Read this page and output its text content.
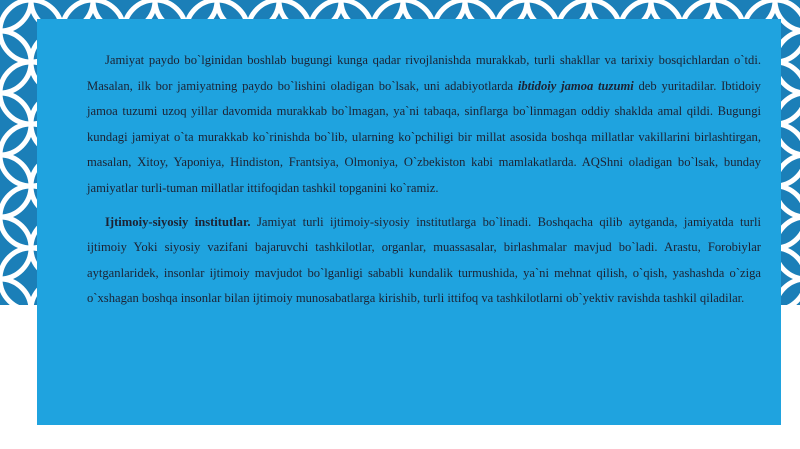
Jamiyat paydo bo`lginidan boshlab bugungi kunga qadar rivojlanishda murakkab, turli shakllar va tarixiy bosqichlardan o`tdi. Masalan, ilk bor jamiyatning paydo bo`lishini oladigan bo`lsak, uni adabiyotlarda ibtidoiy jamoa tuzumi deb yuritadilar. Ibtidoiy jamoa tuzumi uzoq yillar davomida murakkab bo`lmagan, ya`ni tabaqa, sinflarga bo`linmagan oddiy shaklda amal qildi. Bugungi kundagi jamiyat o`ta murakkab ko`rinishda bo`lib, ularning ko`pchiligi bir millat asosida boshqa millatlar vakillarini birlashtirgan, masalan, Xitoy, Yaponiya, Hindiston, Frantsiya, Olmoniya, O`zbekiston kabi mamlakatlarda. AQShni oladigan bo`lsak, bunday jamiyatlar turli-tuman millatlar ittifoqidan tashkil topganini ko`ramiz.

Ijtimoiy-siyosiy institutlar. Jamiyat turli ijtimoiy-siyosiy institutlarga bo`linadi. Boshqacha qilib aytganda, jamiyatda turli ijtimoiy Yoki siyosiy vazifani bajaruvchi tashkilotlar, organlar, muassasalar, birlashmalar mavjud bo`ladi. Arastu, Forobiylar aytganlaridek, insonlar ijtimoiy mavjudot bo`lganligi sababli kundalik turmushida, ya`ni mehnat qilish, o`qish, yashashda o`ziga o`xshagan boshqa insonlar bilan ijtimoiy munosabatlarga kirishib, turli ittifoq va tashkilotlarni ob`yektiv ravishda tashkil qiladilar.
